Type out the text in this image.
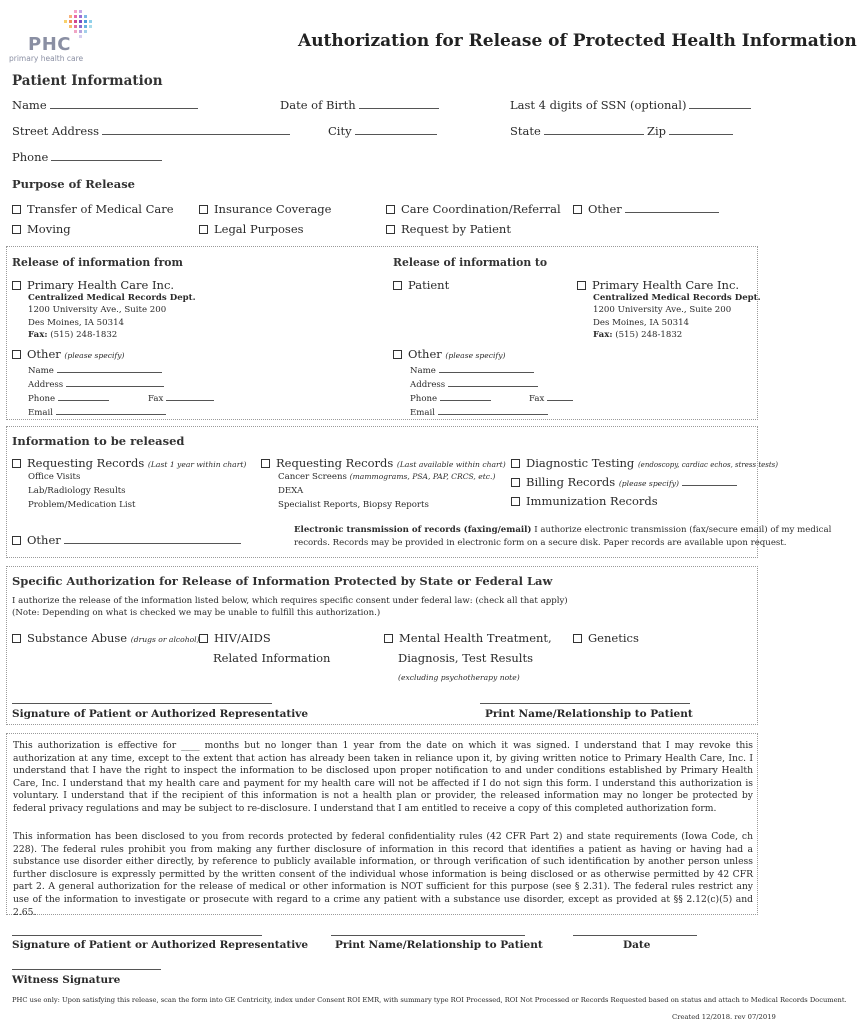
PHC
primary health care
Authorization for Release of Protected Health Information
Patient Information
Name	Date of Birth	Last 4 digits of SSN (optional)
Street Address	City	State	Zip
Phone
Purpose of Release
Transfer of Medical Care	Insurance Coverage	Care Coordination/Referral	Other
Moving	Legal Purposes	Request by Patient
Release of information from
Primary Health Care Inc.
Centralized Medical Records Dept.
1200 University Ave., Suite 200
Des Moines, IA 50314
Fax: (515) 248-1832
Other (please specify)
Name
Address
Phone	Fax
Email
Release of information to
Patient	Primary Health Care Inc.
Centralized Medical Records Dept.
1200 University Ave., Suite 200
Des Moines, IA 50314
Fax: (515) 248-1832
Other (please specify)
Name
Address
Phone	Fax
Email
Information to be released
Requesting Records (Last 1 year within chart)
Office Visits
Lab/Radiology Results
Problem/Medication List
Requesting Records (Last available within chart)
Cancer Screens (mammograms, PSA, PAP, CRCS, etc.)
DEXA
Specialist Reports, Biopsy Reports
Diagnostic Testing (endoscopy, cardiac echos, stress tests)
Billing Records (please specify)
Immunization Records
Other
Electronic transmission of records (faxing/email) I authorize electronic transmission (fax/secure email) of my medical
records. Records may be provided in electronic form on a secure disk. Paper records are available upon request.
Specific Authorization for Release of Information Protected by State or Federal Law
I authorize the release of the information listed below, which requires specific consent under federal law: (check all that apply)
(Note: Depending on what is checked we may be unable to fulfill this authorization.)
Substance Abuse (drugs or alcohol)	HIV/AIDS
Related Information
Mental Health Treatment,
Diagnosis, Test Results
(excluding psychotherapy note)
Genetics
Signature of Patient or Authorized Representative	Print Name/Relationship to Patient
This authorization is effective for ____ months but no longer than 1 year from the date on which it was signed. I understand that I may revoke this authorization at any time, except to the extent that action has already been taken in reliance upon it, by giving written notice to Primary Health Care, Inc. I understand that I have the right to inspect the information to be disclosed upon proper notification to and under conditions established by Primary Health Care, Inc. I understand that my health care and payment for my health care will not be affected if I do not sign this form. I understand this authorization is voluntary. I understand that if the recipient of this information is not a health plan or provider, the released information may no longer be protected by federal privacy regulations and may be subject to re-disclosure. I understand that I am entitled to receive a copy of this completed authorization form.
This information has been disclosed to you from records protected by federal confidentiality rules (42 CFR Part 2) and state requirements (Iowa Code, ch 228). The federal rules prohibit you from making any further disclosure of information in this record that identifies a patient as having or having had a substance use disorder either directly, by reference to publicly available information, or through verification of such identification by another person unless further disclosure is expressly permitted by the written consent of the individual whose information is being disclosed or as otherwise permitted by 42 CFR part 2. A general authorization for the release of medical or other information is NOT sufficient for this purpose (see § 2.31). The federal rules restrict any use of the information to investigate or prosecute with regard to a crime any patient with a substance use disorder, except as provided at §§ 2.12(c)(5) and 2.65.
Signature of Patient or Authorized Representative	Print Name/Relationship to Patient	Date
Witness Signature
PHC use only: Upon satisfying this release, scan the form into GE Centricity, index under Consent ROI EMR, with summary type ROI Processed, ROI Not Processed or Records Requested based on status and attach to Medical Records Document.
Created 12/2018. rev 07/2019
